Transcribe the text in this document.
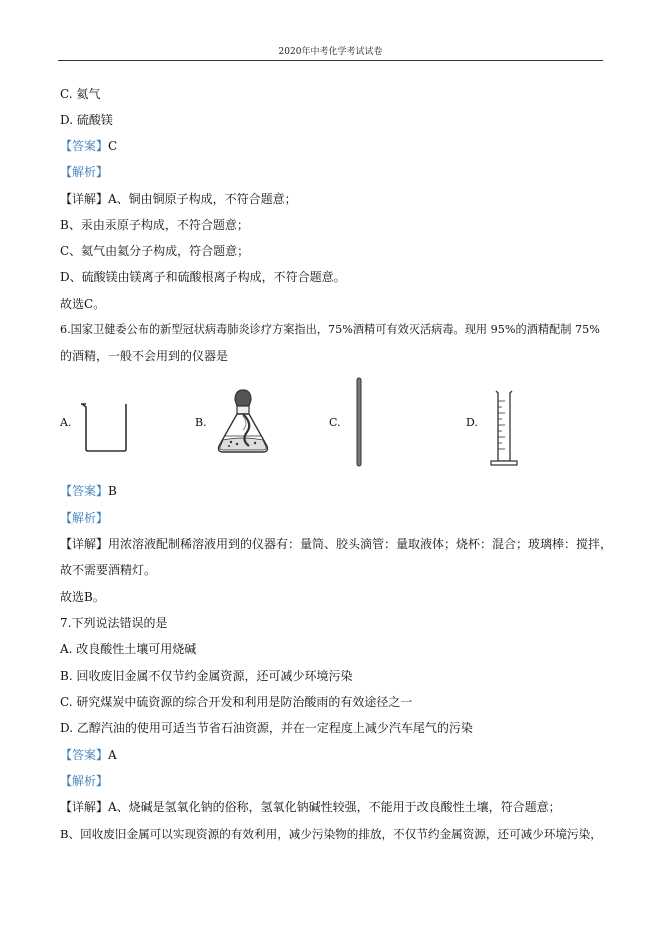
2020年中考化学考试试卷
C. 氦气
D. 硫酸镁
【答案】C
【解析】
【详解】A、铜由铜原子构成，不符合题意；
B、汞由汞原子构成，不符合题意；
C、氦气由氦分子构成，符合题意；
D、硫酸镁由镁离子和硫酸根离子构成，不符合题意。
故选C。
6.国家卫健委公布的新型冠状病毒肺炎诊疗方案指出，75%酒精可有效灭活病毒。现用 95%的酒精配制 75%
的酒精，一般不会用到的仪器是
A.	B.	C.	D.
【答案】B
【解析】
【详解】用浓溶液配制稀溶液用到的仪器有：量筒、胶头滴管：量取液体；烧杯：混合；玻璃棒：搅拌，
故不需要酒精灯。
故选B。
7.下列说法错误的是
A. 改良酸性土壤可用烧碱
B. 回收废旧金属不仅节约金属资源，还可减少环境污染
C. 研究煤炭中硫资源的综合开发和利用是防治酸雨的有效途径之一
D. 乙醇汽油的使用可适当节省石油资源，并在一定程度上减少汽车尾气的污染
【答案】A
【解析】
【详解】A、烧碱是氢氧化钠的俗称，氢氧化钠碱性较强，不能用于改良酸性土壤，符合题意；
B、回收废旧金属可以实现资源的有效利用，减少污染物的排放，不仅节约金属资源，还可减少环境污染，
